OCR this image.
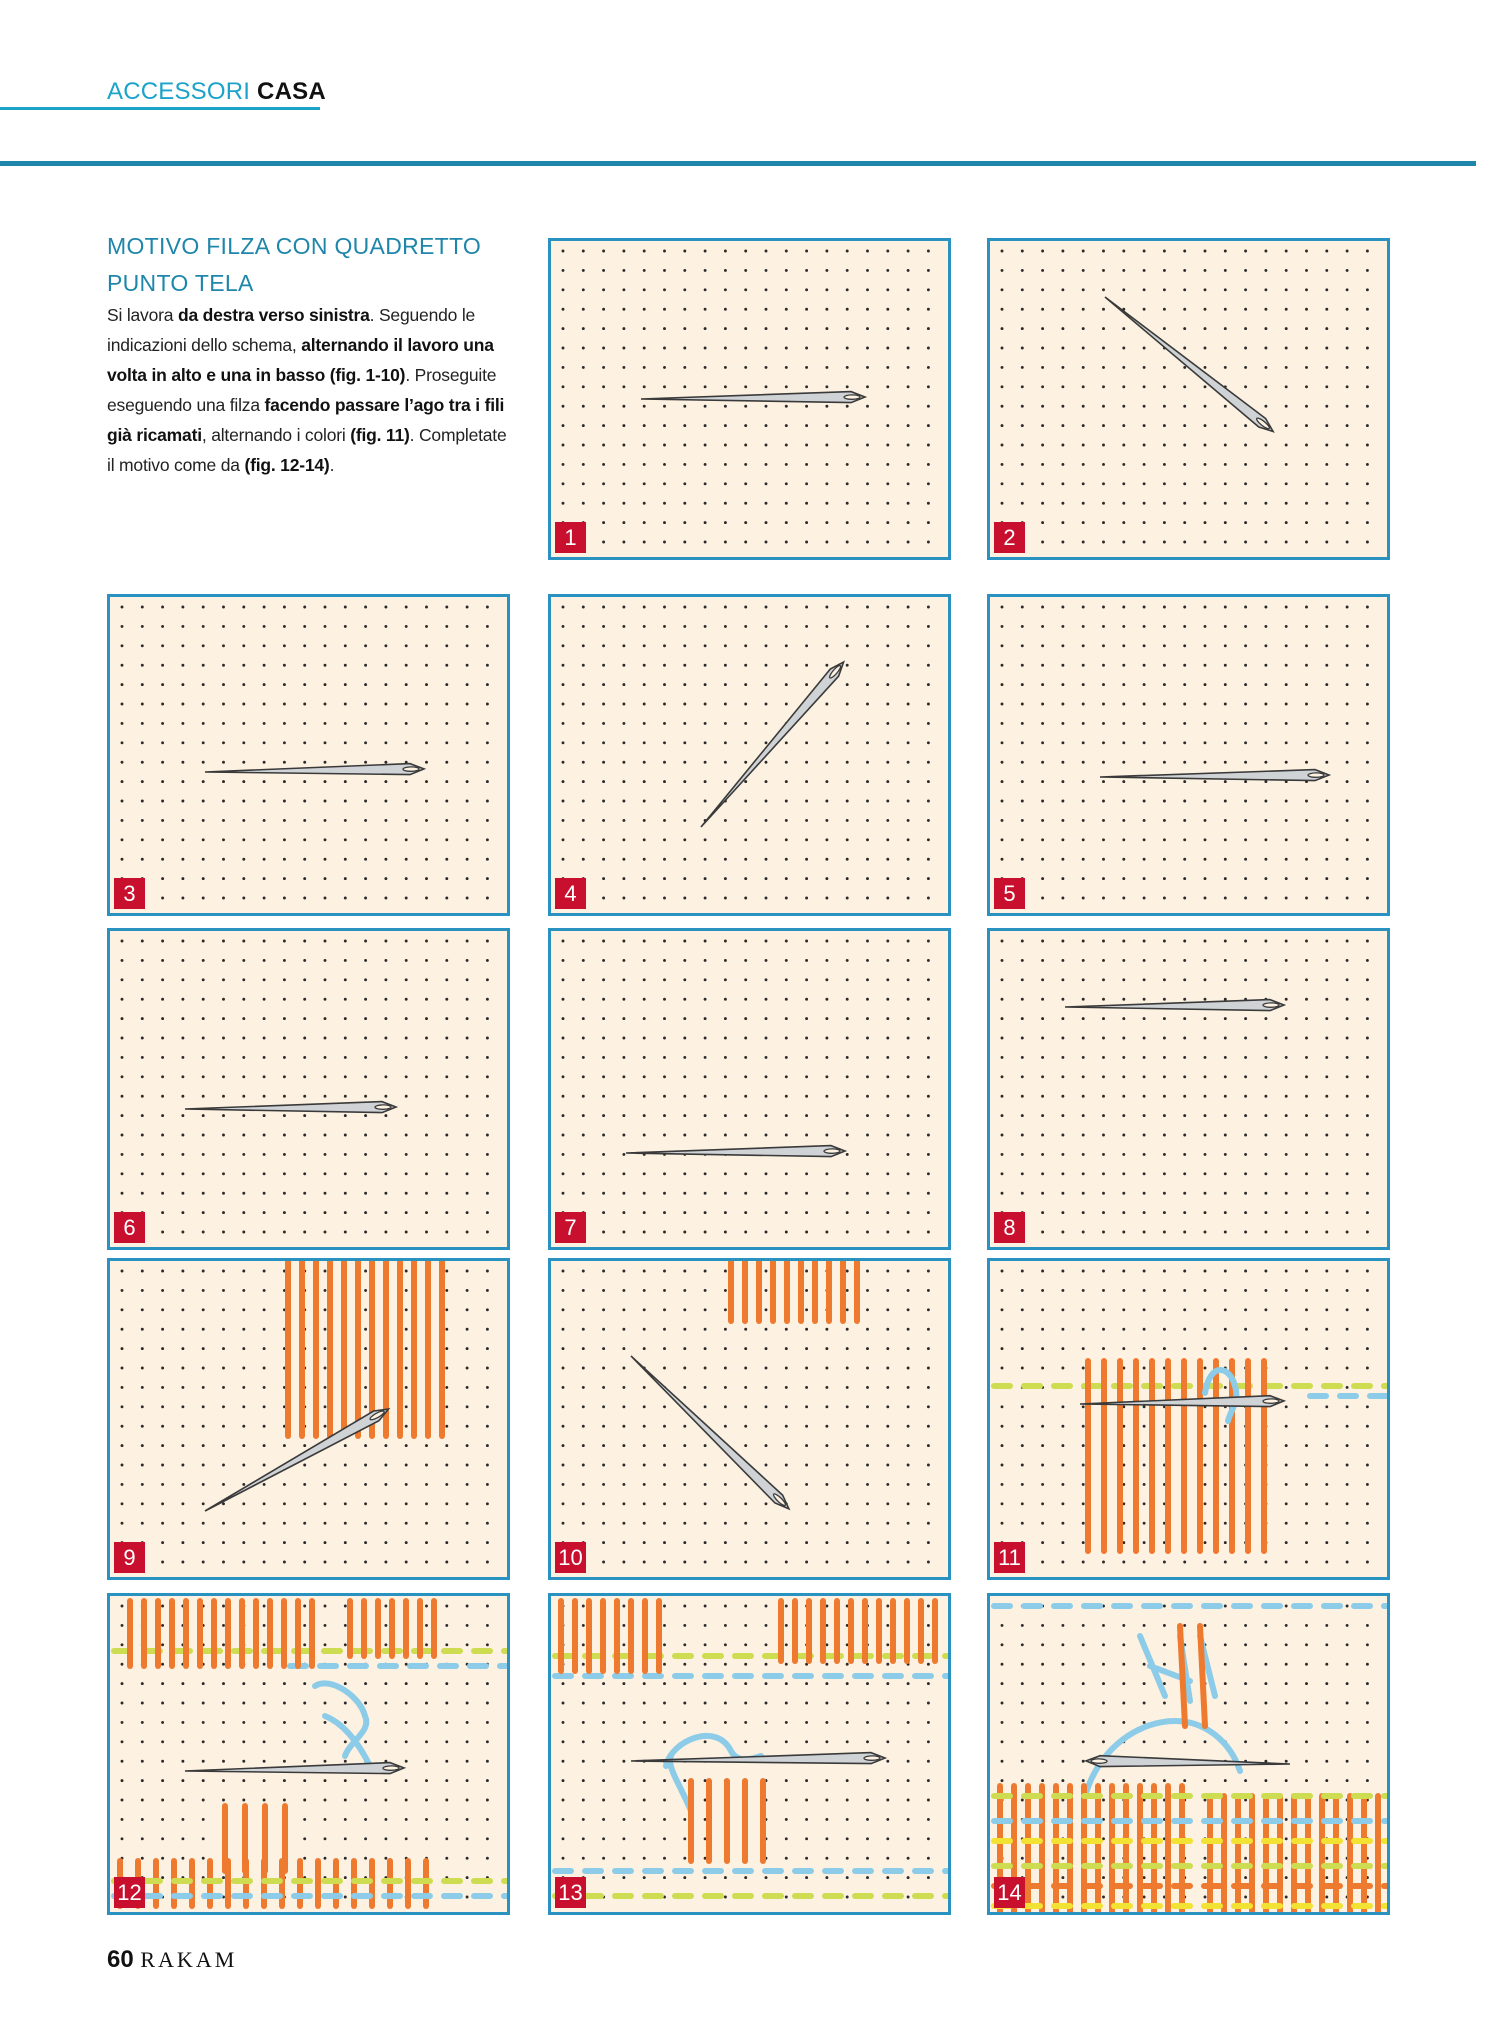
ACCESSORI CASA
MOTIVO FILZA CON QUADRETTO
PUNTO TELA
Si lavora da destra verso sinistra. Seguendo le indicazioni dello schema, alternando il lavoro una volta in alto e una in basso (fig. 1-10). Proseguite eseguendo una filza facendo passare l’ago tra i fili già ricamati, alternando i colori (fig. 11). Completate il motivo come da (fig. 12-14).
1	2
3	4	5
6	7	8
9	10	11
12	13	14
60 RAKAM
